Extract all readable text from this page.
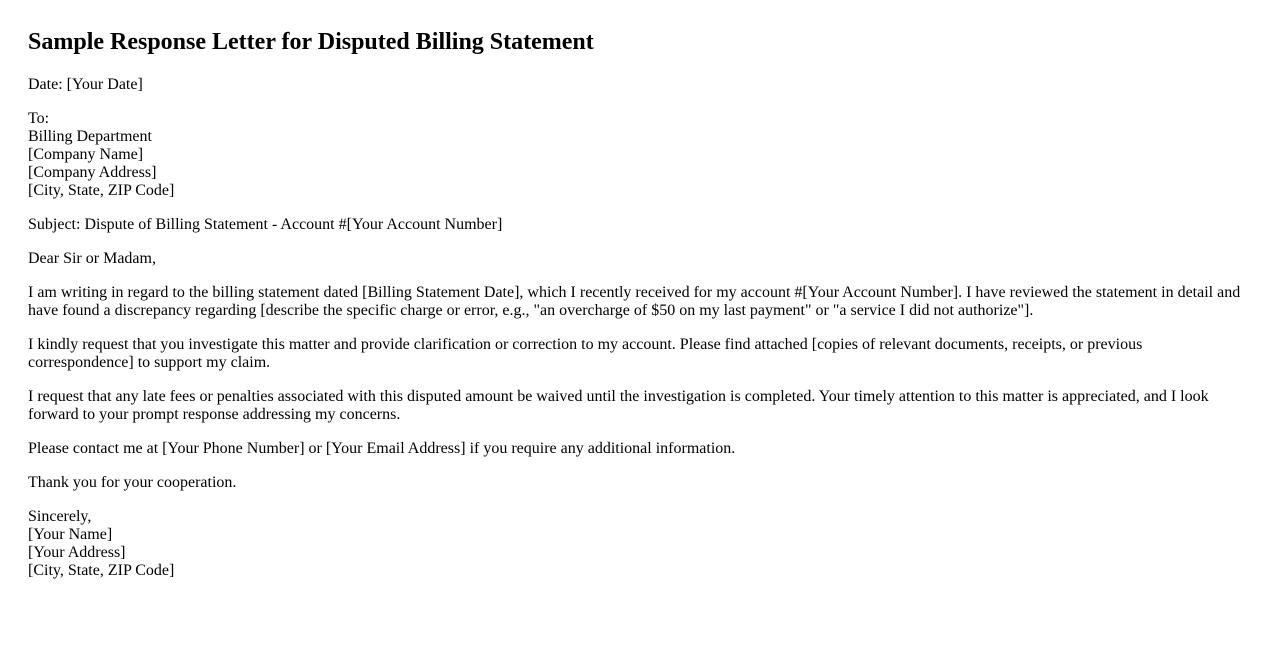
Sample Response Letter for Disputed Billing Statement

Date: [Your Date]

To:
Billing Department
[Company Name]
[Company Address]
[City, State, ZIP Code]

Subject: Dispute of Billing Statement - Account #[Your Account Number]

Dear Sir or Madam,

I am writing in regard to the billing statement dated [Billing Statement Date], which I recently received for my account #[Your Account Number]. I have reviewed the statement in detail and have found a discrepancy regarding [describe the specific charge or error, e.g., "an overcharge of $50 on my last payment" or "a service I did not authorize"].

I kindly request that you investigate this matter and provide clarification or correction to my account. Please find attached [copies of relevant documents, receipts, or previous correspondence] to support my claim.

I request that any late fees or penalties associated with this disputed amount be waived until the investigation is completed. Your timely attention to this matter is appreciated, and I look forward to your prompt response addressing my concerns.

Please contact me at [Your Phone Number] or [Your Email Address] if you require any additional information.

Thank you for your cooperation.

Sincerely,
[Your Name]
[Your Address]
[City, State, ZIP Code]
